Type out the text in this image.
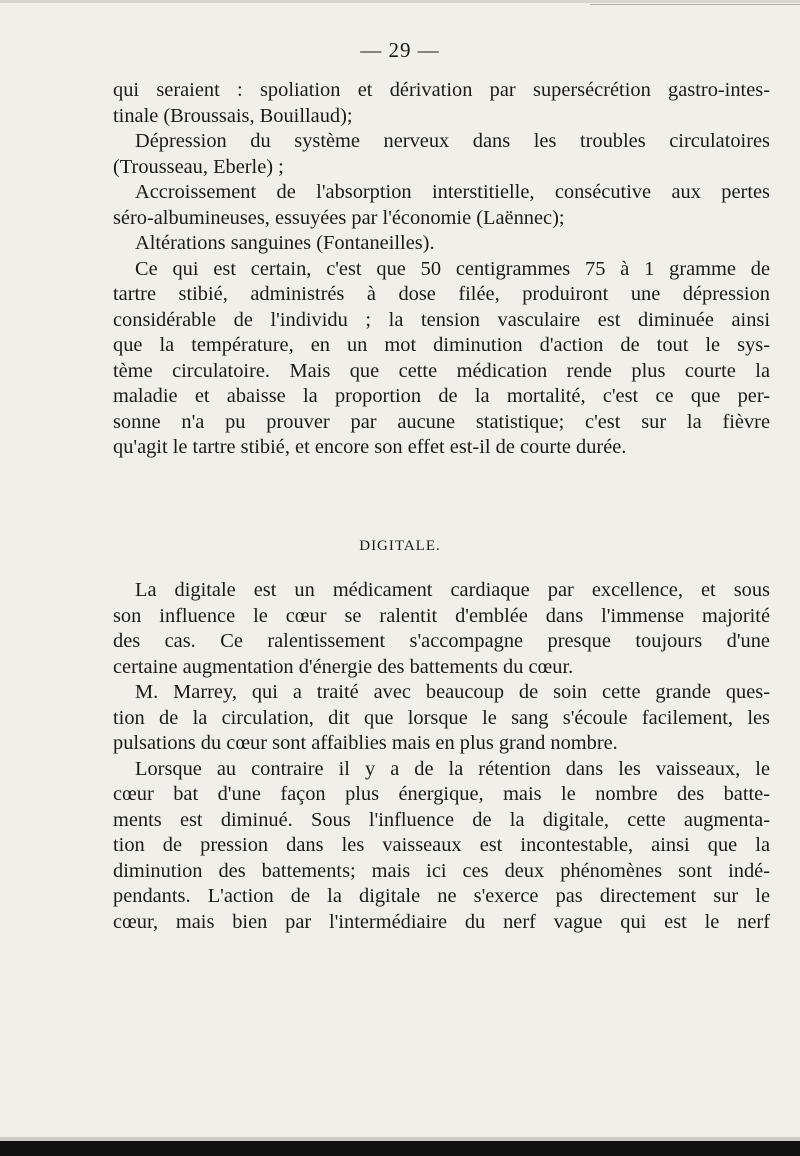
— 29 —
qui seraient : spoliation et dérivation par supersécrétion gastro-intes-
tinale (Broussais, Bouillaud);
Dépression du système nerveux dans les troubles circulatoires
(Trousseau, Eberle) ;
Accroissement de l'absorption interstitielle, consécutive aux pertes
séro-albumineuses, essuyées par l'économie (Laënnec);
Altérations sanguines (Fontaneilles).
Ce qui est certain, c'est que 50 centigrammes 75 à 1 gramme de
tartre stibié, administrés à dose filée, produiront une dépression
considérable de l'individu ; la tension vasculaire est diminuée ainsi
que la température, en un mot diminution d'action de tout le sys-
tème circulatoire. Mais que cette médication rende plus courte la
maladie et abaisse la proportion de la mortalité, c'est ce que per-
sonne n'a pu prouver par aucune statistique; c'est sur la fièvre
qu'agit le tartre stibié, et encore son effet est-il de courte durée.
DIGITALE.
La digitale est un médicament cardiaque par excellence, et sous
son influence le cœur se ralentit d'emblée dans l'immense majorité
des cas. Ce ralentissement s'accompagne presque toujours d'une
certaine augmentation d'énergie des battements du cœur.
M. Marrey, qui a traité avec beaucoup de soin cette grande ques-
tion de la circulation, dit que lorsque le sang s'écoule facilement, les
pulsations du cœur sont affaiblies mais en plus grand nombre.
Lorsque au contraire il y a de la rétention dans les vaisseaux, le
cœur bat d'une façon plus énergique, mais le nombre des batte-
ments est diminué. Sous l'influence de la digitale, cette augmenta-
tion de pression dans les vaisseaux est incontestable, ainsi que la
diminution des battements; mais ici ces deux phénomènes sont indé-
pendants. L'action de la digitale ne s'exerce pas directement sur le
cœur, mais bien par l'intermédiaire du nerf vague qui est le nerf
